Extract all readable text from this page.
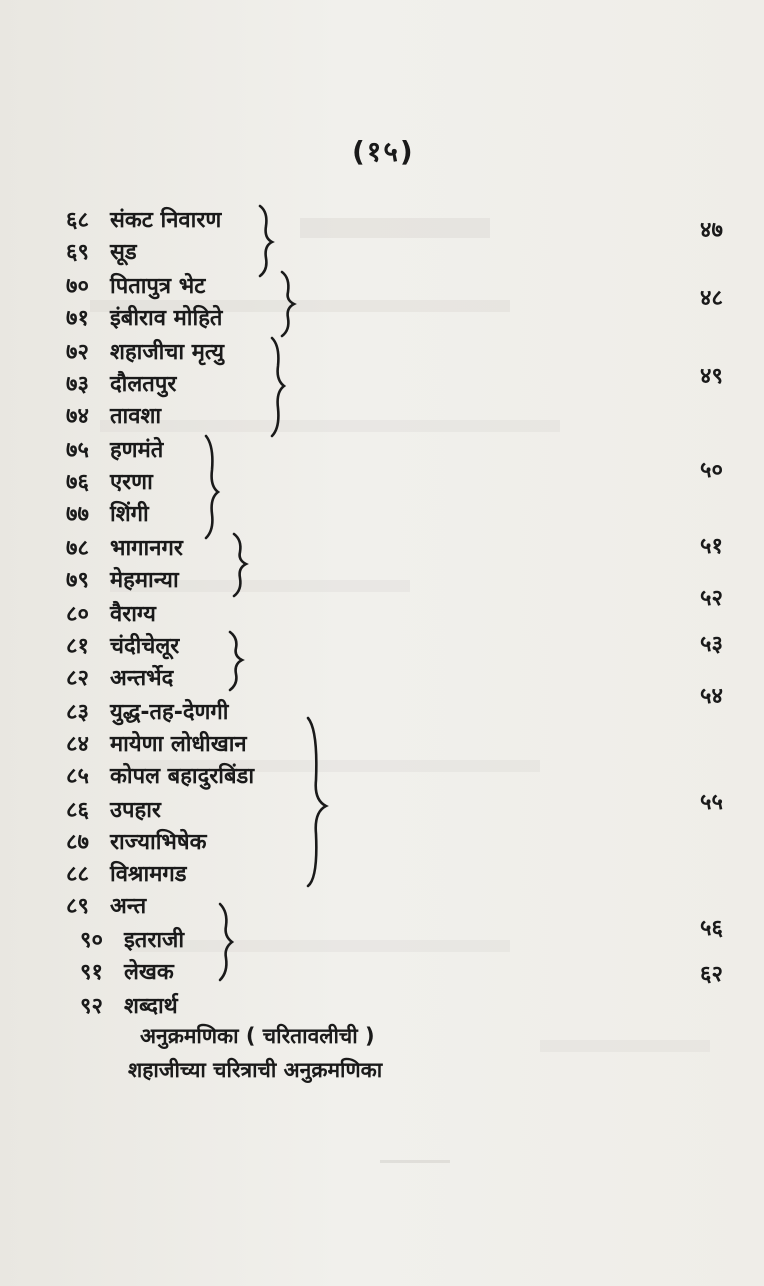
(१५)
६८ संकट निवारण
६९ सूड
७० पितापुत्र भेट
७१ इंबीराव मोहिते
७२ शहाजीचा मृत्यु
७३ दौलतपुर
७४ तावशा
७५ हणमंते
७६ एरणा
७७ शिंगी
७८ भागानगर
७९ मेहमान्या
८० वैराग्य
८१ चंदीचेलूर
८२ अन्तर्भेद
८३ युद्ध-तह-देणगी
८४ मायेणा लोधीखान
८५ कोपल बहादुरबिंडा
८६ उपहार
८७ राज्याभिषेक
८८ विश्रामगड
८९ अन्त
९० इतराजी
९१ लेखक
९२ शब्दार्थ
४७
४८
४९
५०
५१
५२
५३
५४
५५
५६
६२
अनुक्रमणिका ( चरितावलीची )
शहाजीच्या चरित्राची अनुक्रमणिका
